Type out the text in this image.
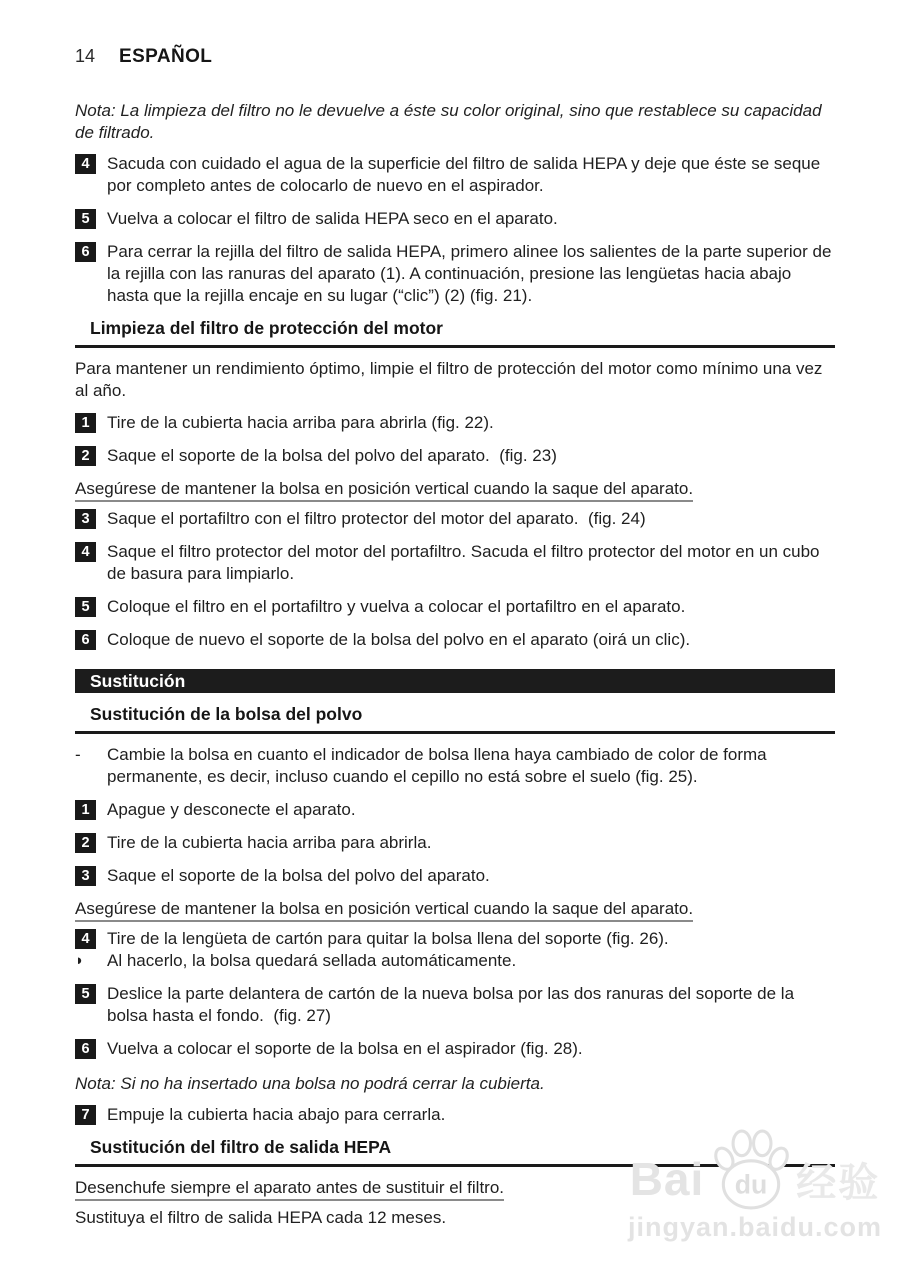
14 ESPAÑOL

Nota: La limpieza del filtro no le devuelve a éste su color original, sino que restablece su capacidad de filtrado.

4	Sacuda con cuidado el agua de la superficie del filtro de salida HEPA y deje que éste se seque por completo antes de colocarlo de nuevo en el aspirador.
5	Vuelva a colocar el filtro de salida HEPA seco en el aparato.
6	Para cerrar la rejilla del filtro de salida HEPA, primero alinee los salientes de la parte superior de la rejilla con las ranuras del aparato (1). A continuación, presione las lengüetas hacia abajo hasta que la rejilla encaje en su lugar (“clic”) (2) (fig. 21).
Limpieza del filtro de protección del motor

Para mantener un rendimiento óptimo, limpie el filtro de protección del motor como mínimo una vez al año.

1	Tire de la cubierta hacia arriba para abrirla (fig. 22).
2	Saque el soporte de la bolsa del polvo del aparato.  (fig. 23)

Asegúrese de mantener la bolsa en posición vertical cuando la saque del aparato.

3	Saque el portafiltro con el filtro protector del motor del aparato.  (fig. 24)
4	Saque el filtro protector del motor del portafiltro. Sacuda el filtro protector del motor en un cubo de basura para limpiarlo.
5	Coloque el filtro en el portafiltro y vuelva a colocar el portafiltro en el aparato.
6	Coloque de nuevo el soporte de la bolsa del polvo en el aparato (oirá un clic).
Sustitución
Sustitución de la bolsa del polvo
-	Cambie la bolsa en cuanto el indicador de bolsa llena haya cambiado de color de forma permanente, es decir, incluso cuando el cepillo no está sobre el suelo (fig. 25).
1	Apague y desconecte el aparato.
2	Tire de la cubierta hacia arriba para abrirla.
3	Saque el soporte de la bolsa del polvo del aparato.

Asegúrese de mantener la bolsa en posición vertical cuando la saque del aparato.

4	Tire de la lengüeta de cartón para quitar la bolsa llena del soporte (fig. 26).
◗	Al hacerlo, la bolsa quedará sellada automáticamente.
5	Deslice la parte delantera de cartón de la nueva bolsa por las dos ranuras del soporte de la bolsa hasta el fondo.  (fig. 27)
6	Vuelva a colocar el soporte de la bolsa en el aspirador (fig. 28).

Nota: Si no ha insertado una bolsa no podrá cerrar la cubierta.

7	Empuje la cubierta hacia abajo para cerrarla.
Sustitución del filtro de salida HEPA

Desenchufe siempre el aparato antes de sustituir el filtro.

Sustituya el filtro de salida HEPA cada 12 meses.

Bai du 经验
jingyan.baidu.com
